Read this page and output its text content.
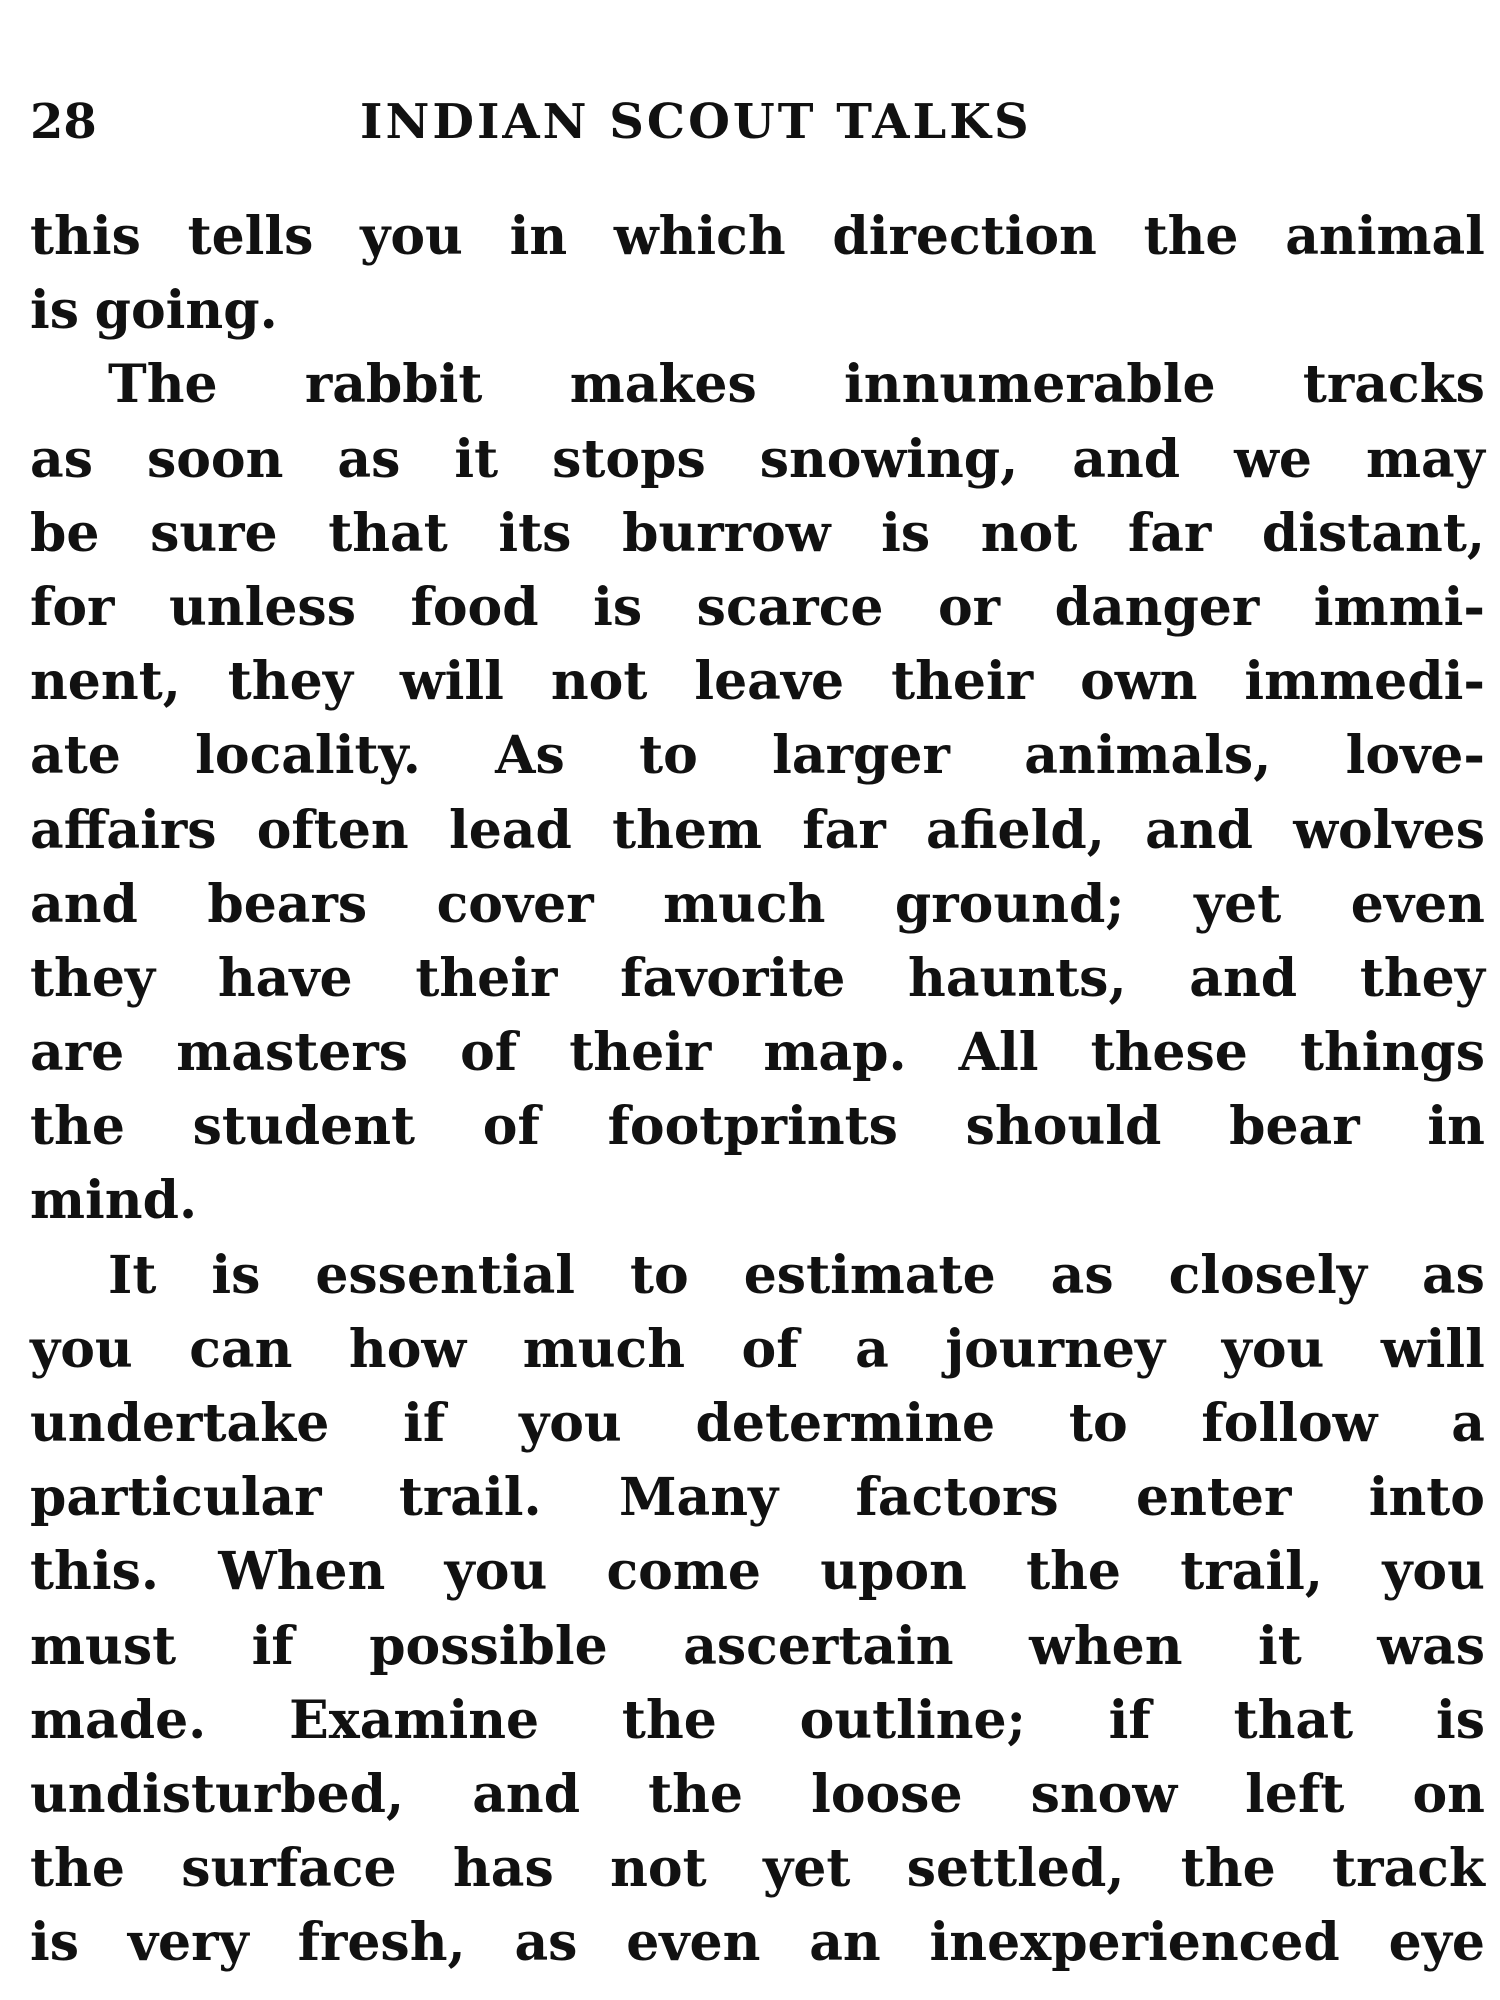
28	INDIAN SCOUT TALKS
this tells you in which direction the animal
is going.
The rabbit makes innumerable tracks
as soon as it stops snowing, and we may
be sure that its burrow is not far distant,
for unless food is scarce or danger immi-
nent, they will not leave their own immedi-
ate locality. As to larger animals, love-
affairs often lead them far afield, and wolves
and bears cover much ground; yet even
they have their favorite haunts, and they
are masters of their map. All these things
the student of footprints should bear in
mind.
It is essential to estimate as closely as
you can how much of a journey you will
undertake if you determine to follow a
particular trail. Many factors enter into
this. When you come upon the trail, you
must if possible ascertain when it was
made. Examine the outline; if that is
undisturbed, and the loose snow left on
the surface has not yet settled, the track
is very fresh, as even an inexperienced eye
